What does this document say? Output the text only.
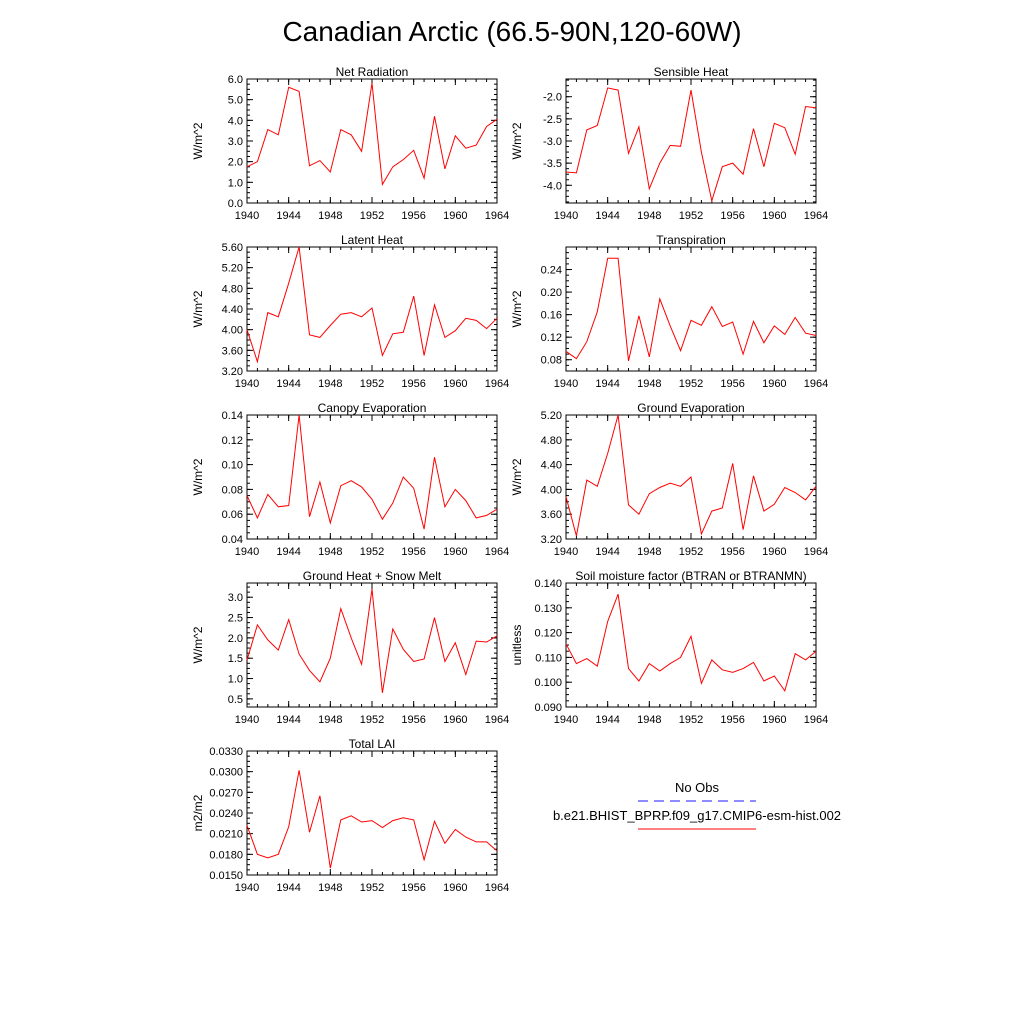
Canadian Arctic (66.5-90N,120-60W)
Net Radiation
W/m^2
1940 1944 1948 1952 1956 1960 1964
0.0
1.0
2.0
3.0
4.0
5.0
6.0
Sensible Heat
W/m^2
1940 1944 1948 1952 1956 1960 1964
-4.0
-3.5
-3.0
-2.5
-2.0
Latent Heat
W/m^2
1940 1944 1948 1952 1956 1960 1964
3.20
3.60
4.00
4.40
4.80
5.20
5.60
Transpiration
W/m^2
1940 1944 1948 1952 1956 1960 1964
0.08
0.12
0.16
0.20
0.24
Canopy Evaporation
W/m^2
1940 1944 1948 1952 1956 1960 1964
0.04
0.06
0.08
0.10
0.12
0.14
Ground Evaporation
W/m^2
1940 1944 1948 1952 1956 1960 1964
3.20
3.60
4.00
4.40
4.80
5.20
Ground Heat + Snow Melt
W/m^2
1940 1944 1948 1952 1956 1960 1964
0.5
1.0
1.5
2.0
2.5
3.0
Soil moisture factor (BTRAN or BTRANMN)
unitless
1940 1944 1948 1952 1956 1960 1964
0.090
0.100
0.110
0.120
0.130
0.140
Total LAI
m2/m2
1940 1944 1948 1952 1956 1960 1964
0.0150
0.0180
0.0210
0.0240
0.0270
0.0300
0.0330
No Obs
b.e21.BHIST_BPRP.f09_g17.CMIP6-esm-hist.002
